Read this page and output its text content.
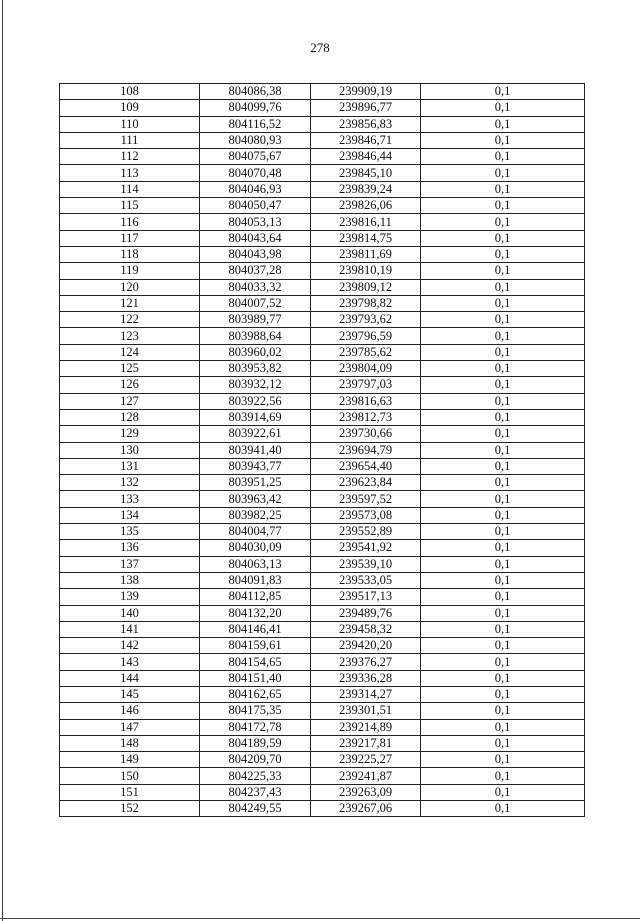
278
108	804086,38	239909,19	0,1
109	804099,76	239896,77	0,1
110	804116,52	239856,83	0,1
111	804080,93	239846,71	0,1
112	804075,67	239846,44	0,1
113	804070,48	239845,10	0,1
114	804046,93	239839,24	0,1
115	804050,47	239826,06	0,1
116	804053,13	239816,11	0,1
117	804043,64	239814,75	0,1
118	804043,98	239811,69	0,1
119	804037,28	239810,19	0,1
120	804033,32	239809,12	0,1
121	804007,52	239798,82	0,1
122	803989,77	239793,62	0,1
123	803988,64	239796,59	0,1
124	803960,02	239785,62	0,1
125	803953,82	239804,09	0,1
126	803932,12	239797,03	0,1
127	803922,56	239816,63	0,1
128	803914,69	239812,73	0,1
129	803922,61	239730,66	0,1
130	803941,40	239694,79	0,1
131	803943,77	239654,40	0,1
132	803951,25	239623,84	0,1
133	803963,42	239597,52	0,1
134	803982,25	239573,08	0,1
135	804004,77	239552,89	0,1
136	804030,09	239541,92	0,1
137	804063,13	239539,10	0,1
138	804091,83	239533,05	0,1
139	804112,85	239517,13	0,1
140	804132,20	239489,76	0,1
141	804146,41	239458,32	0,1
142	804159,61	239420,20	0,1
143	804154,65	239376,27	0,1
144	804151,40	239336,28	0,1
145	804162,65	239314,27	0,1
146	804175,35	239301,51	0,1
147	804172,78	239214,89	0,1
148	804189,59	239217,81	0,1
149	804209,70	239225,27	0,1
150	804225,33	239241,87	0,1
151	804237,43	239263,09	0,1
152	804249,55	239267,06	0,1
